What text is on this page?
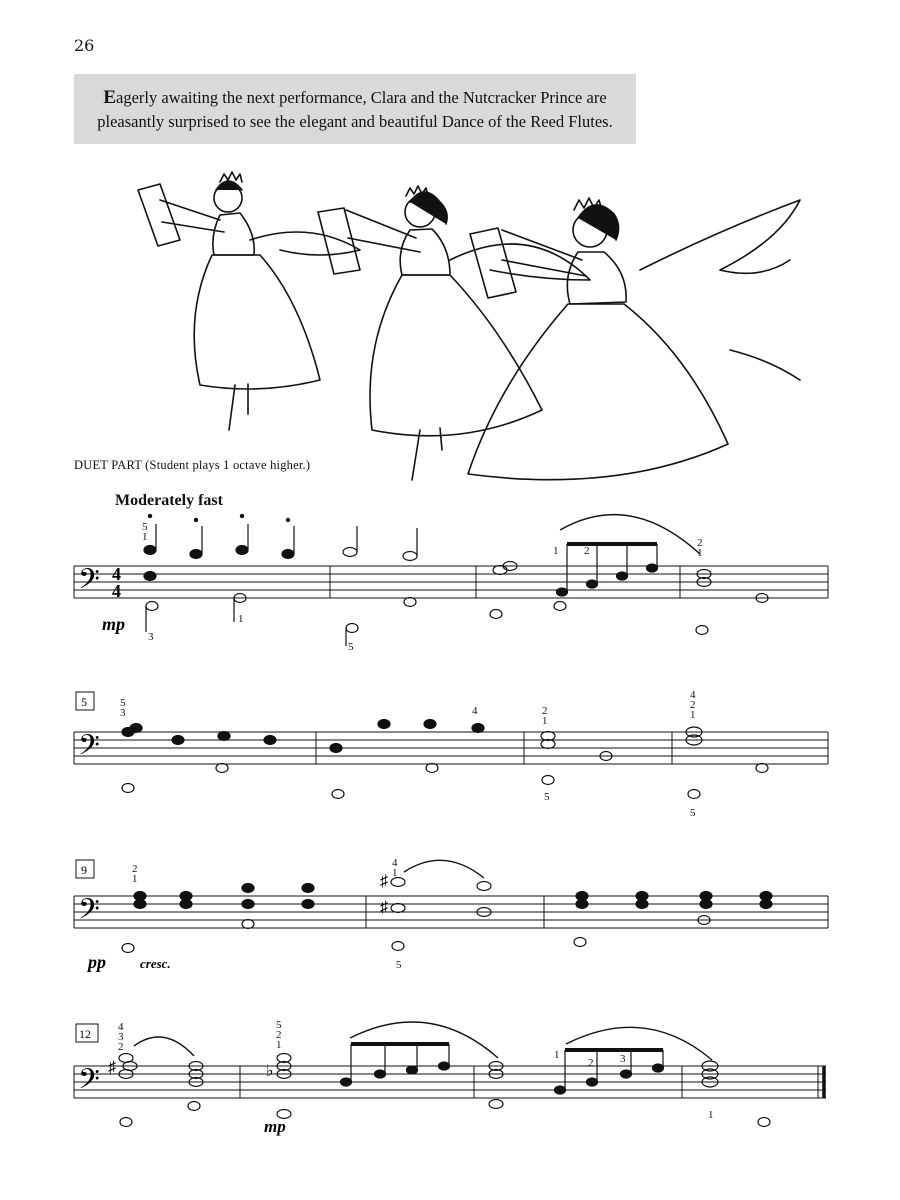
26
Eagerly awaiting the next performance, Clara and the Nutcracker Prince are
pleasantly surprised to see the elegant and beautiful Dance of the Reed Flutes.
DUET PART (Student plays 1 octave higher.)
Moderately fast
𝄢 4
4
5
1
3
1
5
1 2
2
1
mp
5
𝄢
5
3	4	2
1
5
4
2
1
5
9
𝄢	♯
♯
2
1
4
1
5
pp	cresc.
12
𝄢 ♯	♭
4
3
2
5
2
1
1
2 3
1
mp
